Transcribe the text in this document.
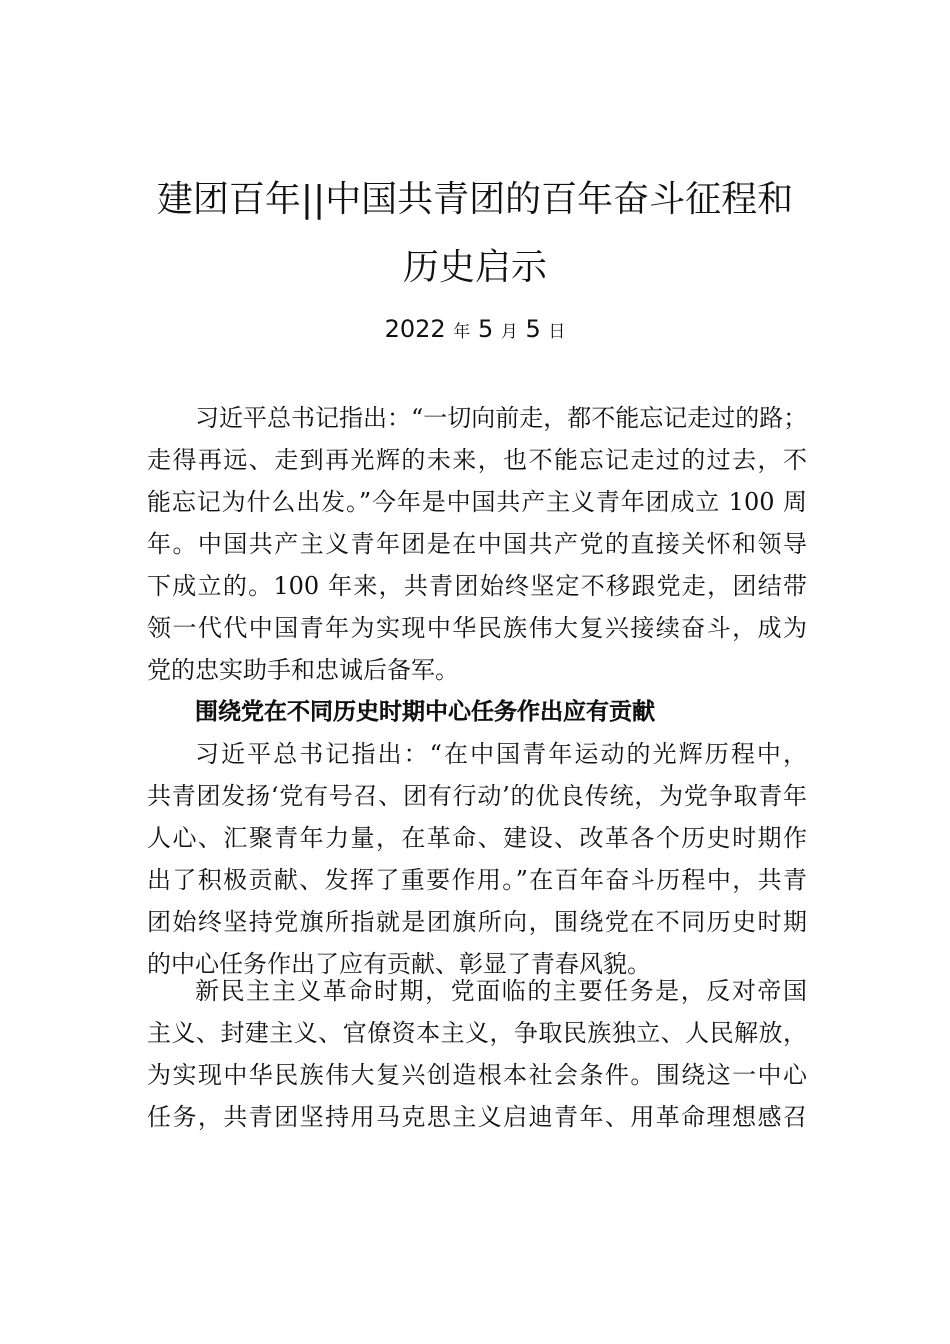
建团百年||中国共青团的百年奋斗征程和
历史启示
2022 年 5 月 5 日
习近平总书记指出：“一切向前走，都不能忘记走过的路；
走得再远、走到再光辉的未来，也不能忘记走过的过去，不
能忘记为什么出发。”今年是中国共产主义青年团成立 100 周
年。中国共产主义青年团是在中国共产党的直接关怀和领导
下成立的。100 年来，共青团始终坚定不移跟党走，团结带
领一代代中国青年为实现中华民族伟大复兴接续奋斗，成为
党的忠实助手和忠诚后备军。
围绕党在不同历史时期中心任务作出应有贡献
习近平总书记指出：“在中国青年运动的光辉历程中，
共青团发扬‘党有号召、团有行动’的优良传统，为党争取青年
人心、汇聚青年力量，在革命、建设、改革各个历史时期作
出了积极贡献、发挥了重要作用。”在百年奋斗历程中，共青
团始终坚持党旗所指就是团旗所向，围绕党在不同历史时期
的中心任务作出了应有贡献、彰显了青春风貌。
新民主主义革命时期，党面临的主要任务是，反对帝国
主义、封建主义、官僚资本主义，争取民族独立、人民解放，
为实现中华民族伟大复兴创造根本社会条件。围绕这一中心
任务，共青团坚持用马克思主义启迪青年、用革命理想感召
